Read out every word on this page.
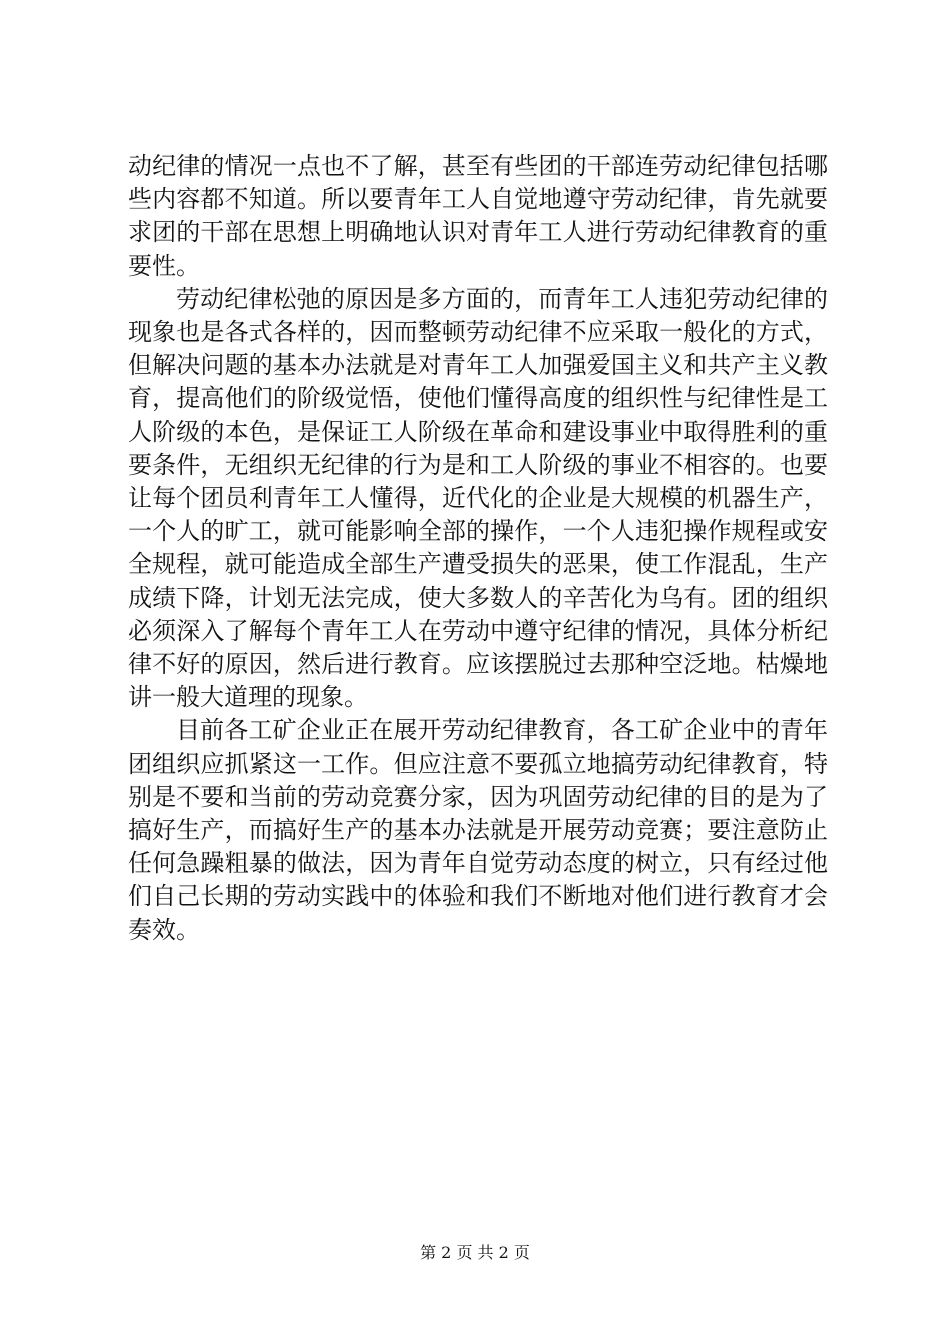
动纪律的情况一点也不了解，甚至有些团的干部连劳动纪律包括哪些内容都不知道。所以要青年工人自觉地遵守劳动纪律，肯先就要求团的干部在思想上明确地认识对青年工人进行劳动纪律教育的重要性。

劳动纪律松弛的原因是多方面的，而青年工人违犯劳动纪律的现象也是各式各样的，因而整顿劳动纪律不应采取一般化的方式，但解决问题的基本办法就是对青年工人加强爱国主义和共产主义教育，提高他们的阶级觉悟，使他们懂得高度的组织性与纪律性是工人阶级的本色，是保证工人阶级在革命和建设事业中取得胜利的重要条件，无组织无纪律的行为是和工人阶级的事业不相容的。也要让每个团员利青年工人懂得，近代化的企业是大规模的机器生产，一个人的旷工，就可能影响全部的操作，一个人违犯操作规程或安全规程，就可能造成全部生产遭受损失的恶果，使工作混乱，生产成绩下降，计划无法完成，使大多数人的辛苦化为乌有。团的组织必须深入了解每个青年工人在劳动中遵守纪律的情况，具体分析纪律不好的原因，然后进行教育。应该摆脱过去那种空泛地。枯燥地讲一般大道理的现象。

目前各工矿企业正在展开劳动纪律教育，各工矿企业中的青年团组织应抓紧这一工作。但应注意不要孤立地搞劳动纪律教育，特别是不要和当前的劳动竞赛分家，因为巩固劳动纪律的目的是为了搞好生产，而搞好生产的基本办法就是开展劳动竞赛；要注意防止任何急躁粗暴的做法，因为青年自觉劳动态度的树立，只有经过他们自己长期的劳动实践中的体验和我们不断地对他们进行教育才会奏效。

第 2 页 共 2 页
